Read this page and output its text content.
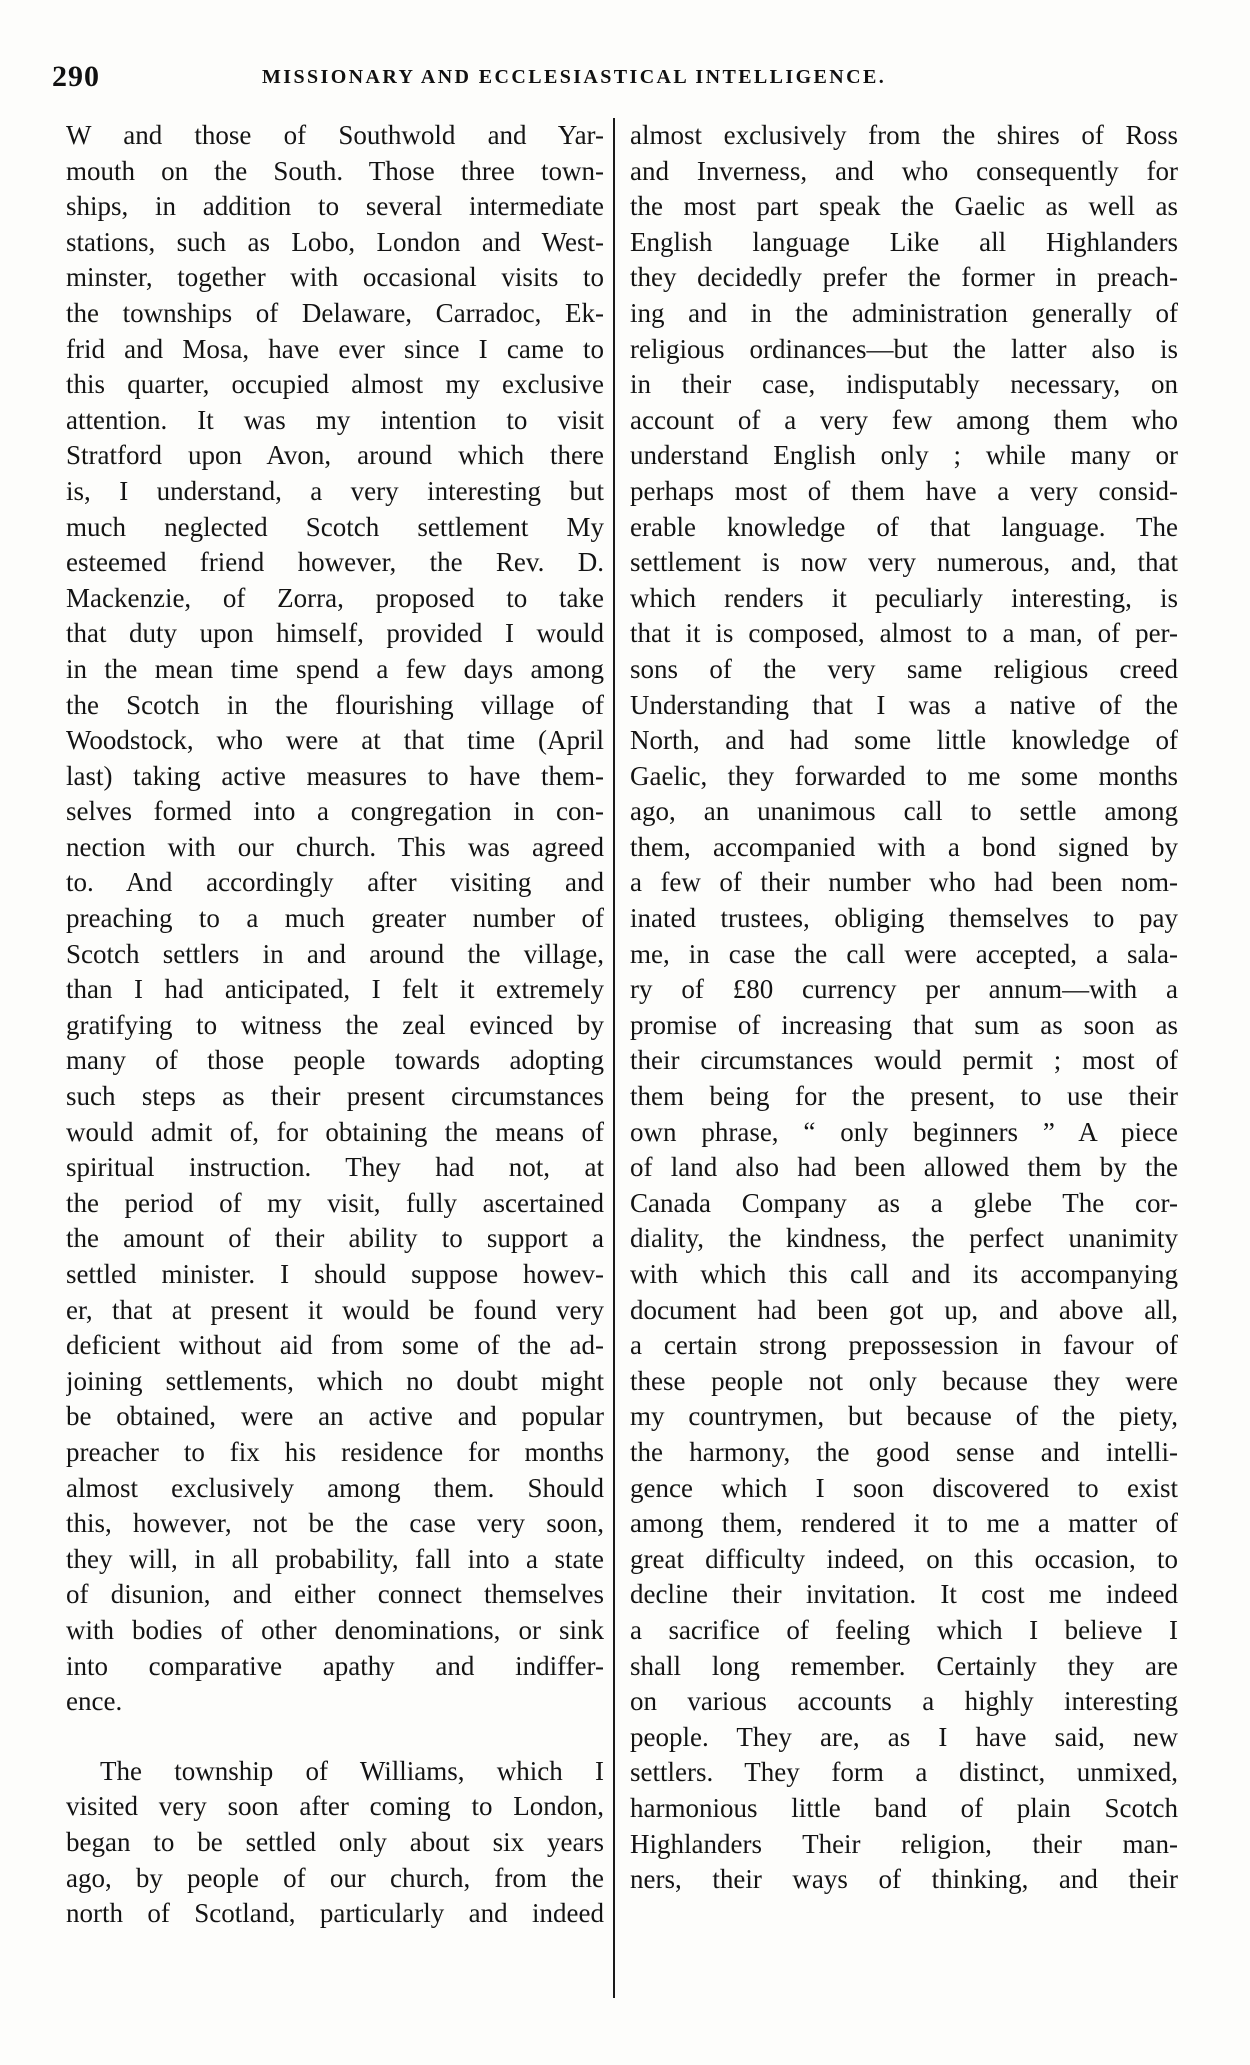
290	MISSIONARY AND ECCLESIASTICAL INTELLIGENCE.
W and those of Southwold and Yar-
mouth on the South. Those three town-
ships, in addition to several intermediate
stations, such as Lobo, London and West-
minster, together with occasional visits to
the townships of Delaware, Carradoc, Ek-
frid and Mosa, have ever since I came to
this quarter, occupied almost my exclusive
attention. It was my intention to visit
Stratford upon Avon, around which there
is, I understand, a very interesting but
much neglected Scotch settlement My
esteemed friend however, the Rev. D.
Mackenzie, of Zorra, proposed to take
that duty upon himself, provided I would
in the mean time spend a few days among
the Scotch in the flourishing village of
Woodstock, who were at that time (April
last) taking active measures to have them-
selves formed into a congregation in con-
nection with our church. This was agreed
to. And accordingly after visiting and
preaching to a much greater number of
Scotch settlers in and around the village,
than I had anticipated, I felt it extremely
gratifying to witness the zeal evinced by
many of those people towards adopting
such steps as their present circumstances
would admit of, for obtaining the means of
spiritual instruction. They had not, at
the period of my visit, fully ascertained
the amount of their ability to support a
settled minister. I should suppose howev-
er, that at present it would be found very
deficient without aid from some of the ad-
joining settlements, which no doubt might
be obtained, were an active and popular
preacher to fix his residence for months
almost exclusively among them. Should
this, however, not be the case very soon,
they will, in all probability, fall into a state
of disunion, and either connect themselves
with bodies of other denominations, or sink
into comparative apathy and indiffer-
ence.
The township of Williams, which I
visited very soon after coming to London,
began to be settled only about six years
ago, by people of our church, from the
north of Scotland, particularly and indeed
almost exclusively from the shires of Ross
and Inverness, and who consequently for
the most part speak the Gaelic as well as
English language Like all Highlanders
they decidedly prefer the former in preach-
ing and in the administration generally of
religious ordinances—but the latter also is
in their case, indisputably necessary, on
account of a very few among them who
understand English only ; while many or
perhaps most of them have a very consid-
erable knowledge of that language. The
settlement is now very numerous, and, that
which renders it peculiarly interesting, is
that it is composed, almost to a man, of per-
sons of the very same religious creed
Understanding that I was a native of the
North, and had some little knowledge of
Gaelic, they forwarded to me some months
ago, an unanimous call to settle among
them, accompanied with a bond signed by
a few of their number who had been nom-
inated trustees, obliging themselves to pay
me, in case the call were accepted, a sala-
ry of £80 currency per annum—with a
promise of increasing that sum as soon as
their circumstances would permit ; most of
them being for the present, to use their
own phrase, “ only beginners ” A piece
of land also had been allowed them by the
Canada Company as a glebe The cor-
diality, the kindness, the perfect unanimity
with which this call and its accompanying
document had been got up, and above all,
a certain strong prepossession in favour of
these people not only because they were
my countrymen, but because of the piety,
the harmony, the good sense and intelli-
gence which I soon discovered to exist
among them, rendered it to me a matter of
great difficulty indeed, on this occasion, to
decline their invitation. It cost me indeed
a sacrifice of feeling which I believe I
shall long remember. Certainly they are
on various accounts a highly interesting
people. They are, as I have said, new
settlers. They form a distinct, unmixed,
harmonious little band of plain Scotch
Highlanders Their religion, their man-
ners, their ways of thinking, and their
